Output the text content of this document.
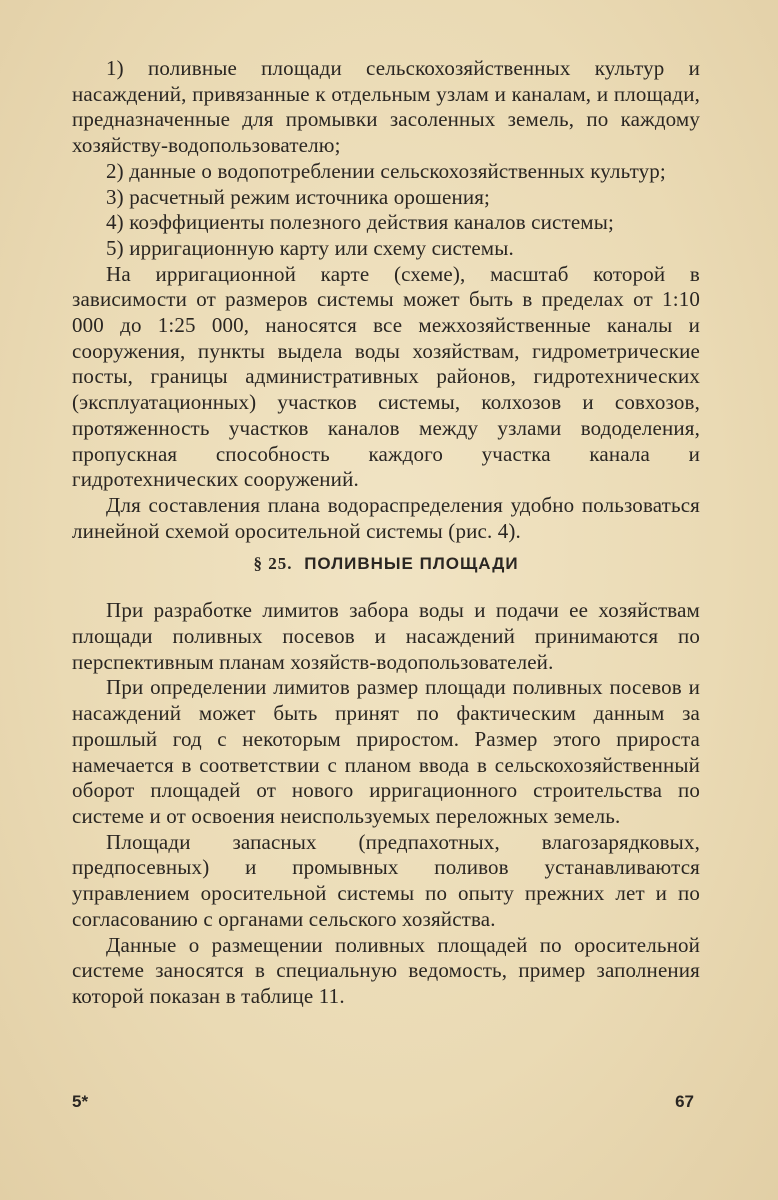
1) поливные площади сельскохозяйственных культур и насаждений, привязанные к отдельным узлам и каналам, и площади, предназначенные для промывки засоленных земель, по каждому хозяйству-водопользователю;

2) данные о водопотреблении сельскохозяйственных культур;

3) расчетный режим источника орошения;

4) коэффициенты полезного действия каналов системы;

5) ирригационную карту или схему системы.

На ирригационной карте (схеме), масштаб которой в зависимости от размеров системы может быть в пределах от 1:10 000 до 1:25 000, наносятся все межхозяйственные каналы и сооружения, пункты выдела воды хозяйствам, гидрометрические посты, границы административных районов, гидротехнических (эксплуатационных) участков системы, колхозов и совхозов, протяженность участков каналов между узлами вододеления, пропускная способность каждого участка канала и гидротехнических сооружений.

Для составления плана водораспределения удобно пользоваться линейной схемой оросительной системы (рис. 4).

§ 25. ПОЛИВНЫЕ ПЛОЩАДИ

При разработке лимитов забора воды и подачи ее хозяйствам площади поливных посевов и насаждений принимаются по перспективным планам хозяйств-водопользователей.

При определении лимитов размер площади поливных посевов и насаждений может быть принят по фактическим данным за прошлый год с некоторым приростом. Размер этого прироста намечается в соответствии с планом ввода в сельскохозяйственный оборот площадей от нового ирригационного строительства по системе и от освоения неиспользуемых переложных земель.

Площади запасных (предпахотных, влагозарядковых, предпосевных) и промывных поливов устанавливаются управлением оросительной системы по опыту прежних лет и по согласованию с органами сельского хозяйства.

Данные о размещении поливных площадей по оросительной системе заносятся в специальную ведомость, пример заполнения которой показан в таблице 11.

5*	67
